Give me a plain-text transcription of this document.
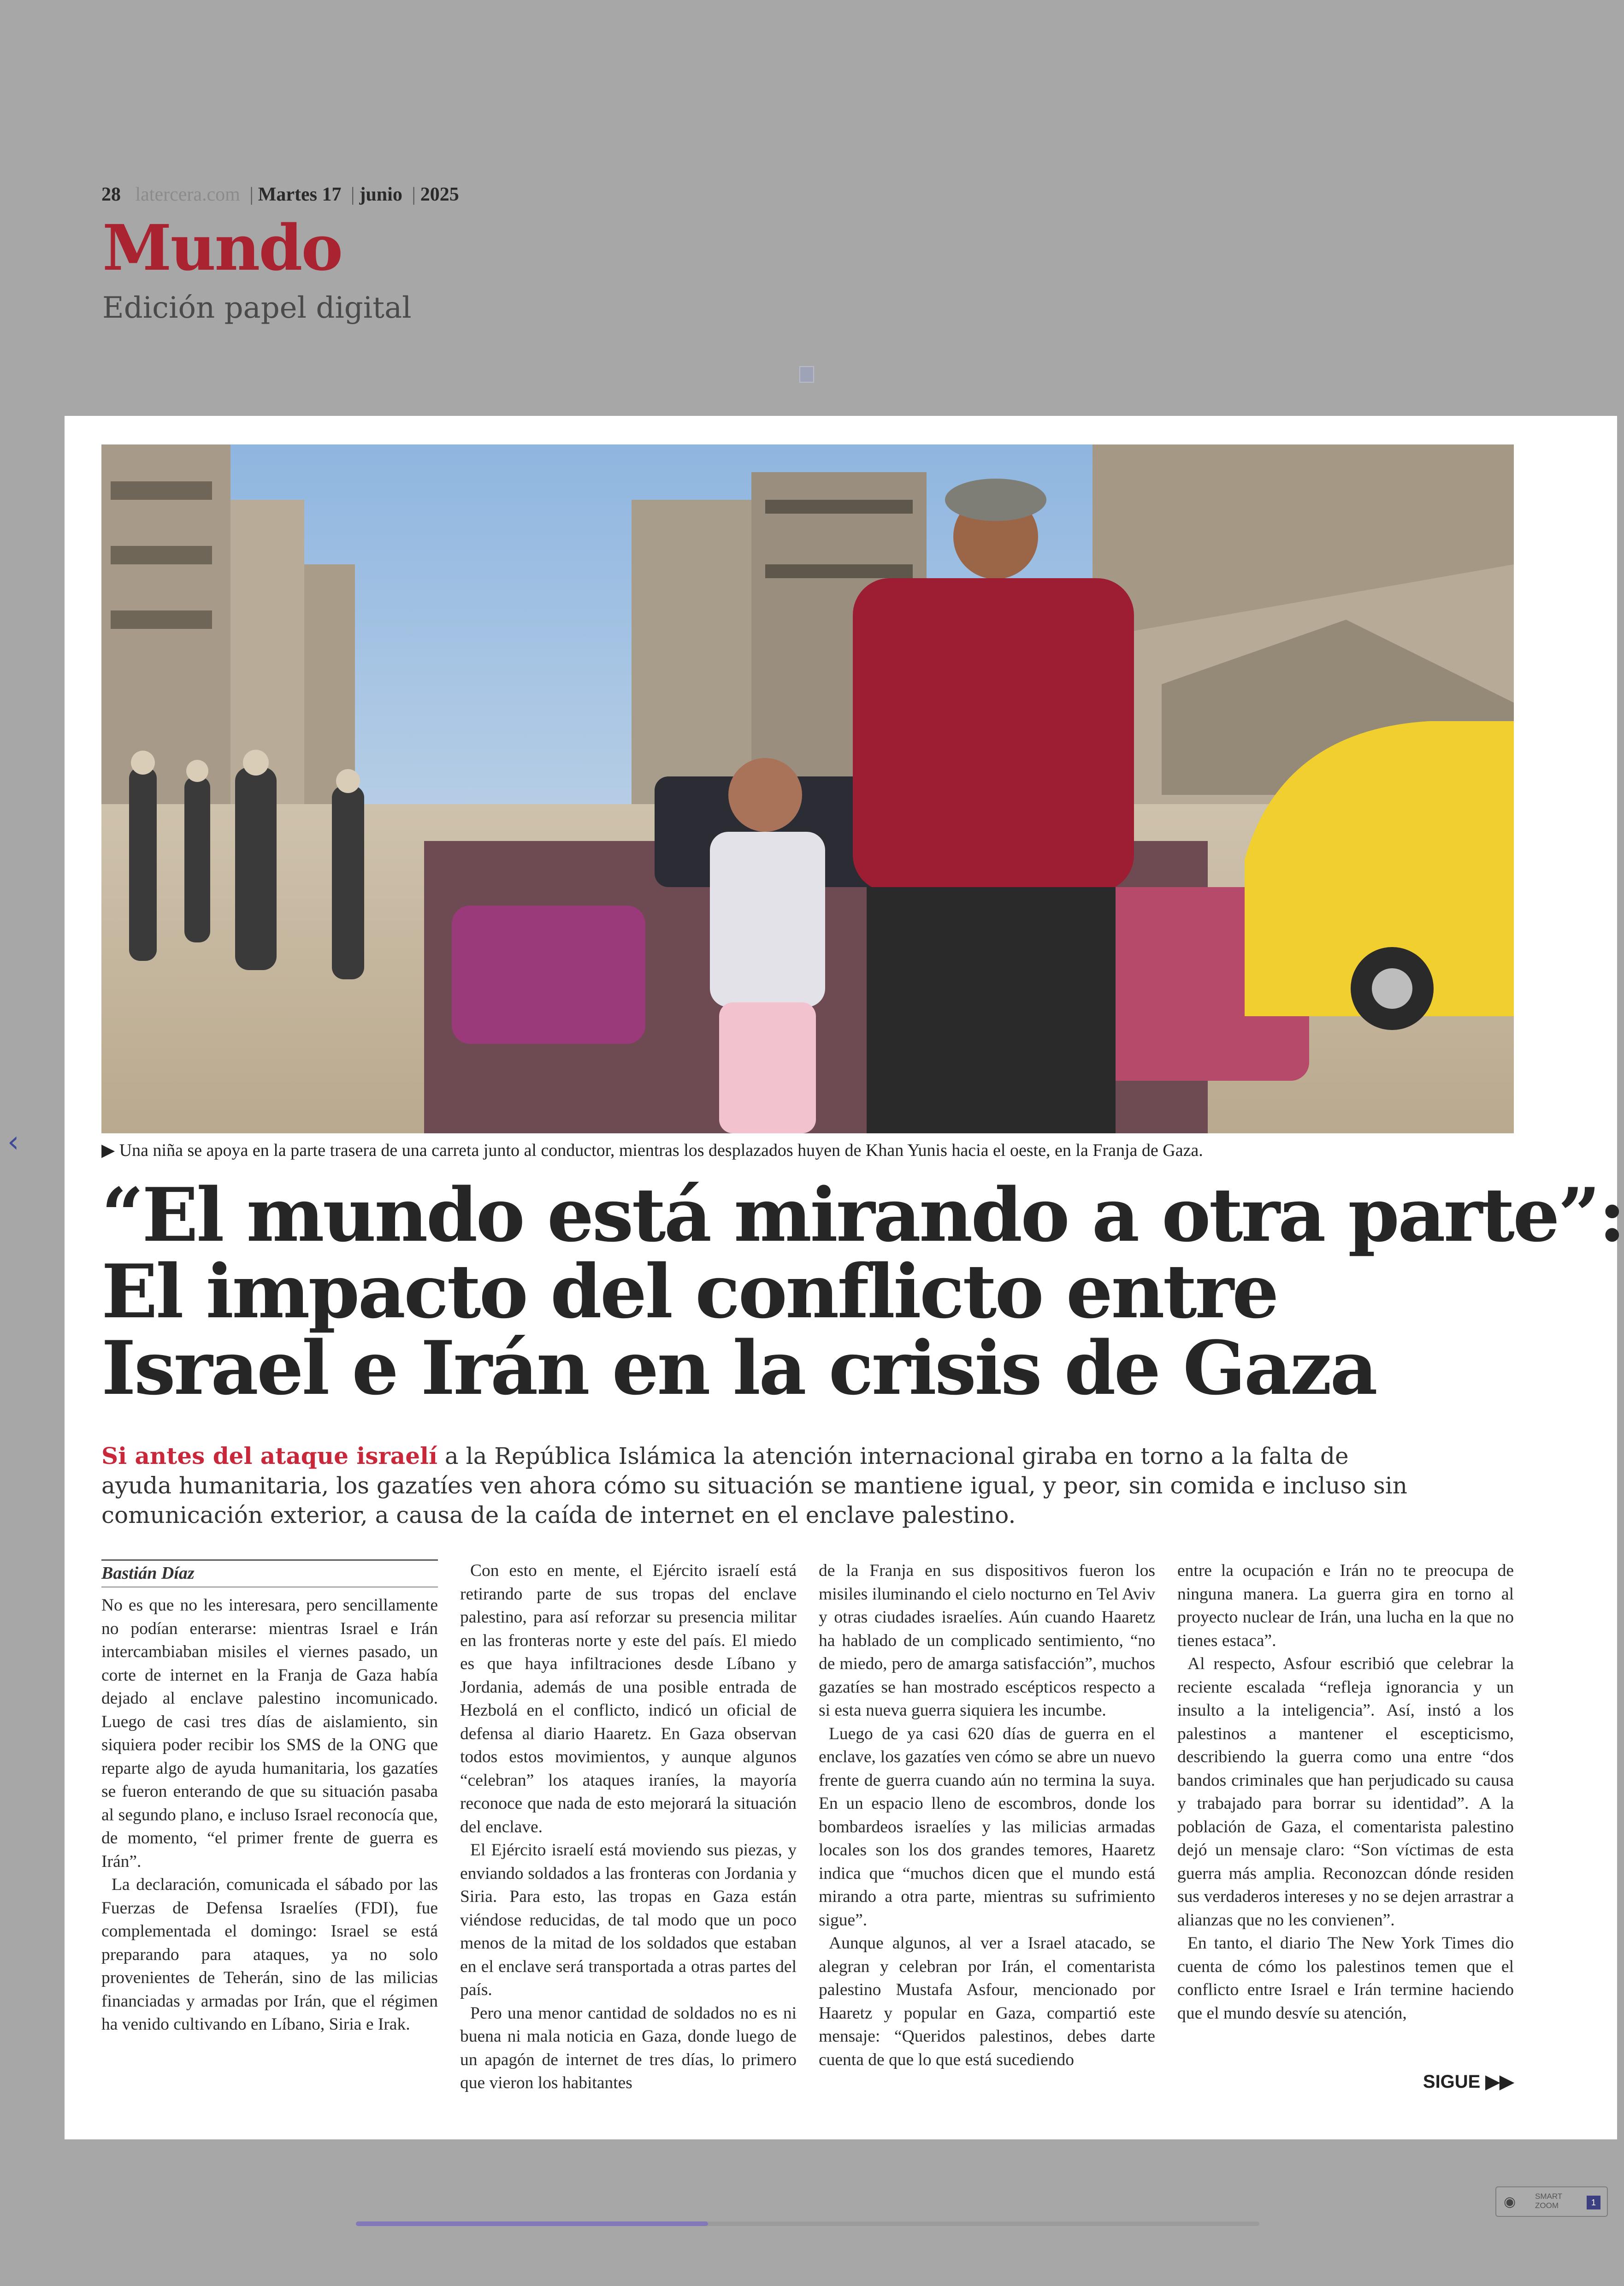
28 latercera.com | Martes 17 | junio | 2025
Mundo
Edición papel digital
‹	▶ Una niña se apoya en la parte trasera de una carreta junto al conductor, mientras los desplazados huyen de Khan Yunis hacia el oeste, en la Franja de Gaza.
“El mundo está mirando a otra parte”:
El impacto del conflicto entre
Israel e Irán en la crisis de Gaza
Si antes del ataque israelí a la República Islámica la atención internacional giraba en torno a la falta de ayuda humanitaria, los gazatíes ven ahora cómo su situación se mantiene igual, y peor, sin comida e incluso sin comunicación exterior, a causa de la caída de internet en el enclave palestino.
Bastián Díaz

No es que no les interesara, pero sencillamente no podían enterarse: mientras Israel e Irán intercambiaban misiles el viernes pasado, un corte de internet en la Franja de Gaza había dejado al enclave palestino incomunicado. Luego de casi tres días de aislamiento, sin siquiera poder recibir los SMS de la ONG que reparte algo de ayuda humanitaria, los gazatíes se fueron enterando de que su situación pasaba al segundo plano, e incluso Israel reconocía que, de momento, “el primer frente de guerra es Irán”.

La declaración, comunicada el sábado por las Fuerzas de Defensa Israelíes (FDI), fue complementada el domingo: Israel se está preparando para ataques, ya no solo provenientes de Teherán, sino de las milicias financiadas y armadas por Irán, que el régimen ha venido cultivando en Líbano, Siria e Irak.

Con esto en mente, el Ejército israelí está retirando parte de sus tropas del enclave palestino, para así reforzar su presencia militar en las fronteras norte y este del país. El miedo es que haya infiltraciones desde Líbano y Jordania, además de una posible entrada de Hezbolá en el conflicto, indicó un oficial de defensa al diario Haaretz. En Gaza observan todos estos movimientos, y aunque algunos “celebran” los ataques iraníes, la mayoría reconoce que nada de esto mejorará la situación del enclave.

El Ejército israelí está moviendo sus piezas, y enviando soldados a las fronteras con Jordania y Siria. Para esto, las tropas en Gaza están viéndose reducidas, de tal modo que un poco menos de la mitad de los soldados que estaban en el enclave será transportada a otras partes del país.

Pero una menor cantidad de soldados no es ni buena ni mala noticia en Gaza, donde luego de un apagón de internet de tres días, lo primero que vieron los habitantes

de la Franja en sus dispositivos fueron los misiles iluminando el cielo nocturno en Tel Aviv y otras ciudades israelíes. Aún cuando Haaretz ha hablado de un complicado sentimiento, “no de miedo, pero de amarga satisfacción”, muchos gazatíes se han mostrado escépticos respecto a si esta nueva guerra siquiera les incumbe.

Luego de ya casi 620 días de guerra en el enclave, los gazatíes ven cómo se abre un nuevo frente de guerra cuando aún no termina la suya. En un espacio lleno de escombros, donde los bombardeos israelíes y las milicias armadas locales son los dos grandes temores, Haaretz indica que “muchos dicen que el mundo está mirando a otra parte, mientras su sufrimiento sigue”.

Aunque algunos, al ver a Israel atacado, se alegran y celebran por Irán, el comentarista palestino Mustafa Asfour, mencionado por Haaretz y popular en Gaza, compartió este mensaje: “Queridos palestinos, debes darte cuenta de que lo que está sucediendo

entre la ocupación e Irán no te preocupa de ninguna manera. La guerra gira en torno al proyecto nuclear de Irán, una lucha en la que no tienes estaca”.

Al respecto, Asfour escribió que celebrar la reciente escalada “refleja ignorancia y un insulto a la inteligencia”. Así, instó a los palestinos a mantener el escepticismo, describiendo la guerra como una entre “dos bandos criminales que han perjudicado su causa y trabajado para borrar su identidad”. A la población de Gaza, el comentarista palestino dejó un mensaje claro: “Son víctimas de esta guerra más amplia. Reconozcan dónde residen sus verdaderos intereses y no se dejen arrastrar a alianzas que no les convienen”.

En tanto, el diario The New York Times dio cuenta de cómo los palestinos temen que el conflicto entre Israel e Irán termine haciendo que el mundo desvíe su atención,

SIGUE ▶▶
◉ SMART ZOOM	1
